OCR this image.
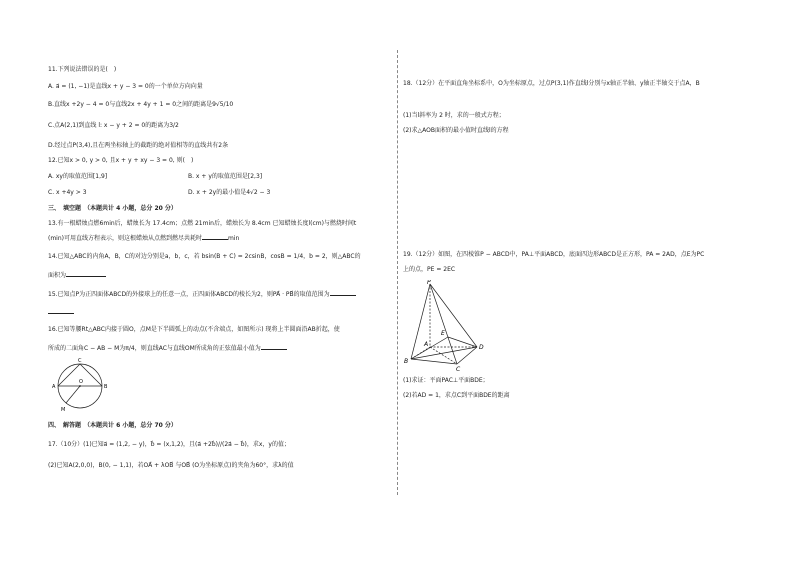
11.下列说法错误的是(　)
A. a⃗ = (1, −1)是直线x + y − 3 = 0的一个单位方向向量
B.直线x +2y − 4 = 0与直线2x + 4y + 1 = 0之间的距离是9√5/10
C.点A(2,1)到直线 l: x − y + 2 = 0的距离为3/2
D.经过点P(3,4),且在两坐标轴上的截距的绝对值相等的直线共有2条
12.已知x > 0, y > 0, 且x + y + xy − 3 = 0, 则(　)
A. xy的取值范围[1,9]	B. x + y的取值范围是[2,3]
C. x +4y > 3	D. x + 2y的最小值是4√2 − 3
三、　填空题　（本题共计 4 小题，总分 20 分）
13.有一根蜡烛点燃6min后，蜡烛长为 17.4cm；点燃 21min后，蜡烛长为 8.4cm 已知蜡烛长度l(cm)与燃烧时间t
(min)可用直线方程表示，则这根蜡烛从点燃到燃尽共耗时	min
14.已知△ABC的内角A，B，C的对边分别是a，b，c，若 bsin(B + C) = 2csinB，cosB = 1/4，b = 2，则△ABC的
面积为
15.已知点P为正四面体ABCD的外接球上的任意一点，正四面体ABCD的棱长为2，则PA⃗ · PB⃗的取值范围为
16.已知等腰Rt△ABC内接于圆O，点M是下半圆弧上的动点(不含端点，如图所示) 现将上半圆面沿AB折起，使
所成的二面角C − AB − M为π/4，则直线AC与直线OM所成角的正弦值最小值为
A	B
C
O
M
四、　解答题　（本题共计 6 小题，总分 70 分）
17.（10分）(1)已知a⃗ = (1,2, − y)，b⃗ = (x,1,2)，且(a⃗ +2b⃗)//(2a⃗ − b⃗)，求x，y的值；
(2)已知A(2,0,0)，B(0, − 1,1)，若OA⃗ + λOB⃗ 与OB⃗ (O为坐标原点)的夹角为60°，求λ的值
18.（12分）在平面直角坐标系中，O为坐标原点，过点P(3,1)作直线l分别与x轴正半轴、y轴正半轴交于点A，B
(1)当l斜率为 2 时，求的一般式方程；
(2)求△AOB面积的最小值时直线l的方程
19.（12分）如图，在四棱锥P − ABCD中，PA⊥平面ABCD，底面四边形ABCD是正方形，PA = 2AD，点E为PC
上的点，PE = 2EC
P
E
A
B
C
D
(1)求证：平面PAC⊥平面BDE；
(2)若AD = 1，求点C到平面BDE的距离
